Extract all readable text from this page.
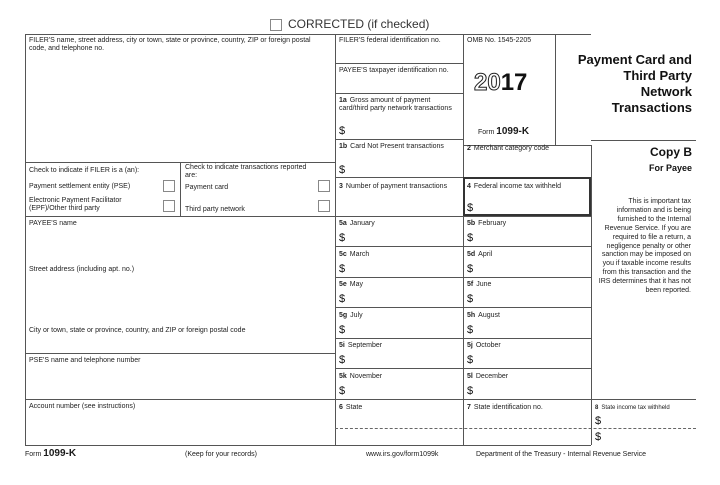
CORRECTED (if checked)
FILER'S name, street address, city or town, state or province, country, ZIP or foreign postal code, and telephone no.
Check to indicate if FILER is a (an):
Payment settlement entity (PSE)
Electronic Payment Facilitator (EPF)/Other third party
Check to indicate transactions reported are:
Payment card
Third party network
PAYEE'S name
Street address (including apt. no.)
City or town, state or province, country, and ZIP or foreign postal code
PSE'S name and telephone number
Account number (see instructions)
FILER'S federal identification no.
PAYEE'S taxpayer identification no.
1a Gross amount of payment card/third party network transactions
$
OMB No. 1545-2205
2017
Form 1099-K
Payment Card and
Third Party
Network
Transactions
1b Card Not Present transactions
$
2 Merchant category code
3 Number of payment transactions	4 Federal income tax withheld
$
5a January
$
5b February
$
5c March
$
5d April
$
5e May
$
5f June
$
5g July
$
5h August
$
5i September
$
5j October
$
5k November
$
5l December
$
6 State	7 State identification no.	8 State income tax withheld
$
$
Copy B
For Payee
This is important tax information and is being furnished to the Internal Revenue Service. If you are required to file a return, a negligence penalty or other sanction may be imposed on you if taxable income results from this transaction and the IRS determines that it has not been reported.
Form 1099-K	(Keep for your records)	www.irs.gov/form1099k	Department of the Treasury - Internal Revenue Service
